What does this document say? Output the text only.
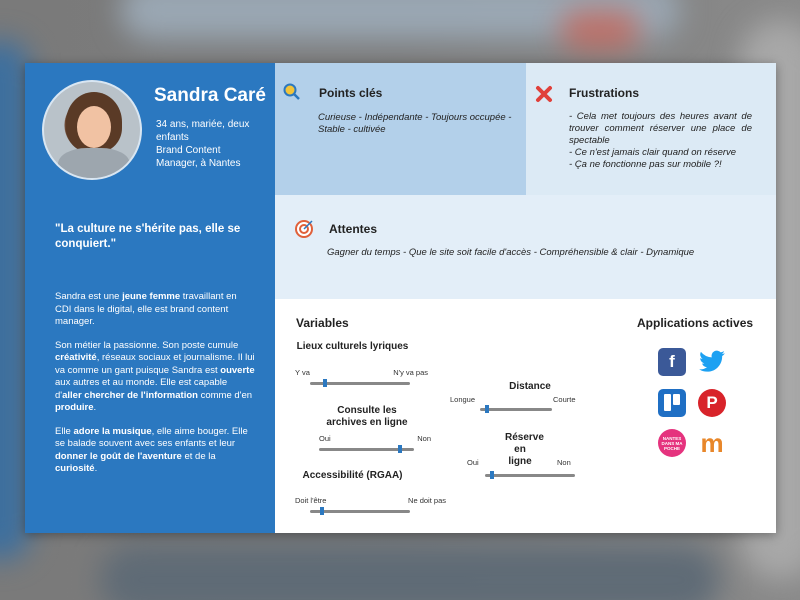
Sandra Caré
34 ans, mariée, deux enfants
Brand Content Manager, à Nantes
"La culture ne s'hérite pas, elle se conquiert."

Sandra est une jeune femme travaillant en CDI dans le digital, elle est brand content manager.

Son métier la passionne. Son poste cumule créativité, réseaux sociaux et journalisme. Il lui va comme un gant puisque Sandra est ouverte aux autres et au monde. Elle est capable d'aller chercher de l'information comme d'en produire.

Elle adore la musique, elle aime bouger. Elle se balade souvent avec ses enfants et leur donner le goût de l'aventure et de la curiosité.

Points clés
Curieuse - Indépendante - Toujours occupée - Stable - cultivée
Frustrations
- Cela met toujours des heures avant de trouver comment réserver une place de spectable
- Ce n'est jamais clair quand on réserve
- Ça ne fonctionne pas sur mobile ?!
Attentes
Gagner du temps - Que le site soit facile d'accès - Compréhensible & clair - Dynamique
Variables	Applications actives
Lieux culturels lyriques
Y va	N'y va pas
Consulte les archives en ligne
Oui	Non
Accessibilité (RGAA)
Doit l'être	Ne doit pas
Distance
Longue	Courte
Réserve en ligne
Oui	Non
f
P
NANTES DANS MA POCHE m
